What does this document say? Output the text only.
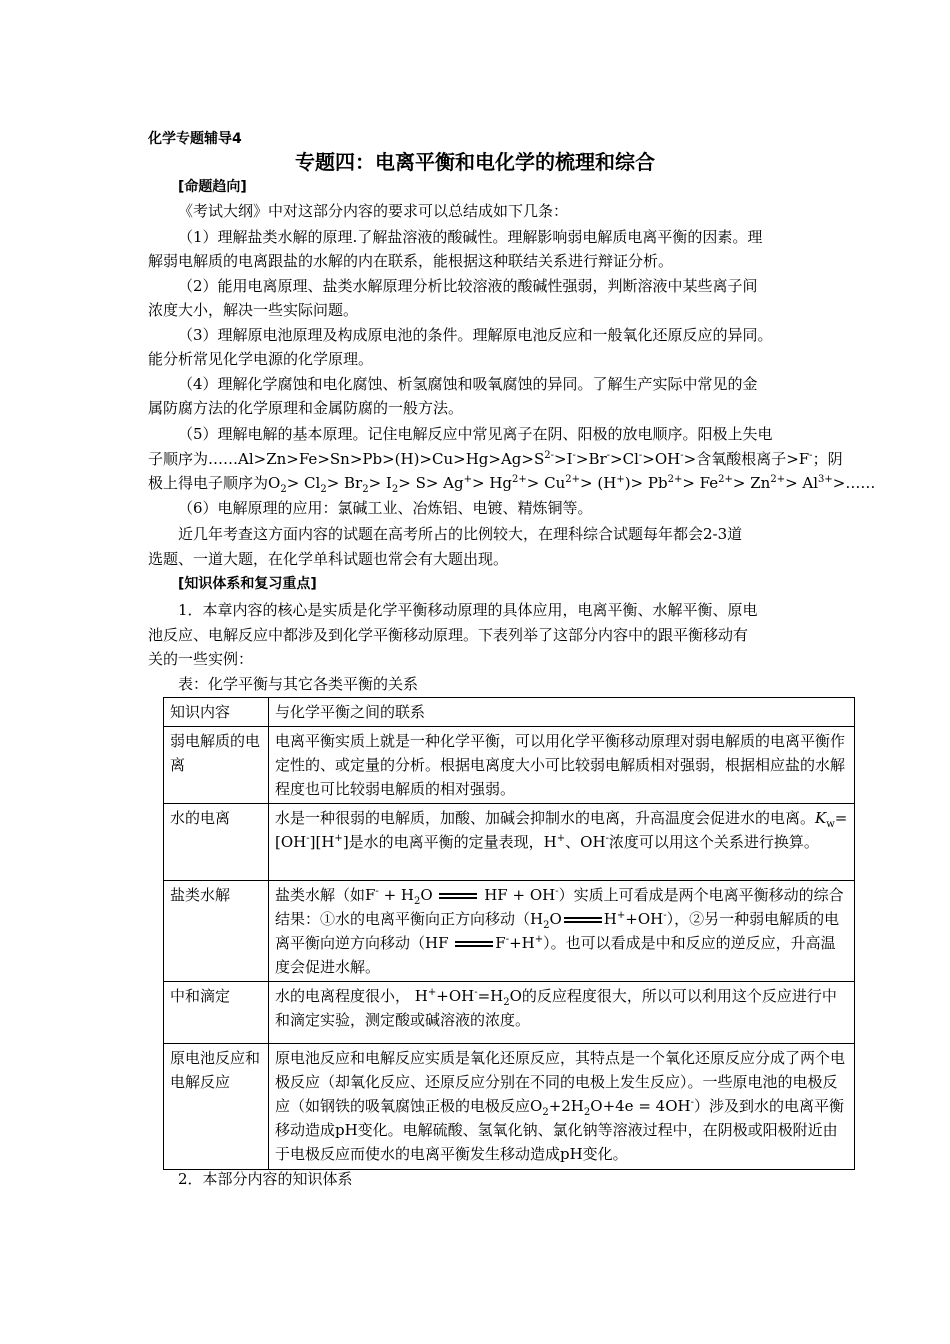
化学专题辅导4
专题四：电离平衡和电化学的梳理和综合
[命题趋向]
《考试大纲》中对这部分内容的要求可以总结成如下几条：
（1）理解盐类水解的原理.了解盐溶液的酸碱性。理解影响弱电解质电离平衡的因素。理
解弱电解质的电离跟盐的水解的内在联系，能根据这种联结关系进行辩证分析。
（2）能用电离原理、盐类水解原理分析比较溶液的酸碱性强弱，判断溶液中某些离子间
浓度大小，解决一些实际问题。
（3）理解原电池原理及构成原电池的条件。理解原电池反应和一般氧化还原反应的异同。
能分析常见化学电源的化学原理。
（4）理解化学腐蚀和电化腐蚀、析氢腐蚀和吸氧腐蚀的异同。了解生产实际中常见的金
属防腐方法的化学原理和金属防腐的一般方法。
（5）理解电解的基本原理。记住电解反应中常见离子在阴、阳极的放电顺序。阳极上失电
子顺序为$\dots\dots Al>Zn>Fe>Sn>Pb>(H)>Cu>Hg>Ag>S^{2-}>I^->Br^->Cl^->OH^->$含氧酸根离子>F-；阴
极上得电子顺序为$O_2> Cl_2> Br_2> I_2> S> Ag^+> Hg^{2+}> Cu^{2+}> (H^+)> Pb^{2+}> Fe^{2+}> Zn^{2+}>$ $Al^{3+}>\dots\dots$
（6）电解原理的应用：氯碱工业、冶炼铝、电镀、精炼铜等。
近几年考查这方面内容的试题在高考所占的比例较大，在理科综合试题每年都会2-3道
选题、一道大题，在化学单科试题也常会有大题出现。
[知识体系和复习重点]
1．本章内容的核心是实质是化学平衡移动原理的具体应用，电离平衡、水解平衡、原电
池反应、电解反应中都涉及到化学平衡移动原理。下表列举了这部分内容中的跟平衡移动有
关的一些实例：
表：化学平衡与其它各类平衡的关系
知识内容	与化学平衡之间的联系
弱电解质的电离	电离平衡实质上就是一种化学平衡，可以用化学平衡移动原理对弱电解质的电离平衡作定性的、或定量的分析。根据电离度大小可比较弱电解质相对强弱，根据相应盐的水解程度也可比较弱电解质的相对强弱。
水的电离	水是一种很弱的电解质，加酸、加碱会抑制水的电离，升高温度会促进水的电离。$K_w=[OH^-][H^+]$是水的电离平衡的定量表现，H+、OH-浓度可以用这个关系进行换算。
盐类水解	盐类水解（如$F^- + H_2O$ HF + OH-）实质上可看成是两个电离平衡移动的综合结果：①水的电离平衡向正方向移动（$H_2O$ H++OH-），②另一种弱电解质的电离平衡向逆方向移动（HF F-+H+）。也可以看成是中和反应的逆反应，升高温度会促进水解。
中和滴定	水的电离程度很小， $H^++OH^-=H_2O$的反应程度很大，所以可以利用这个反应进行中和滴定实验，测定酸或碱溶液的浓度。
原电池反应和电解反应	原电池反应和电解反应实质是氧化还原反应，其特点是一个氧化还原反应分成了两个电极反应（却氧化反应、还原反应分别在不同的电极上发生反应）。一些原电池的电极反应（如钢铁的吸氧腐蚀正极的电极反应$O_2+2H_2O+4e = 4OH^-$）涉及到水的电离平衡移动造成pH变化。电解硫酸、氢氧化钠、氯化钠等溶液过程中，在阴极或阳极附近由于电极反应而使水的电离平衡发生移动造成pH变化。
2．本部分内容的知识体系
